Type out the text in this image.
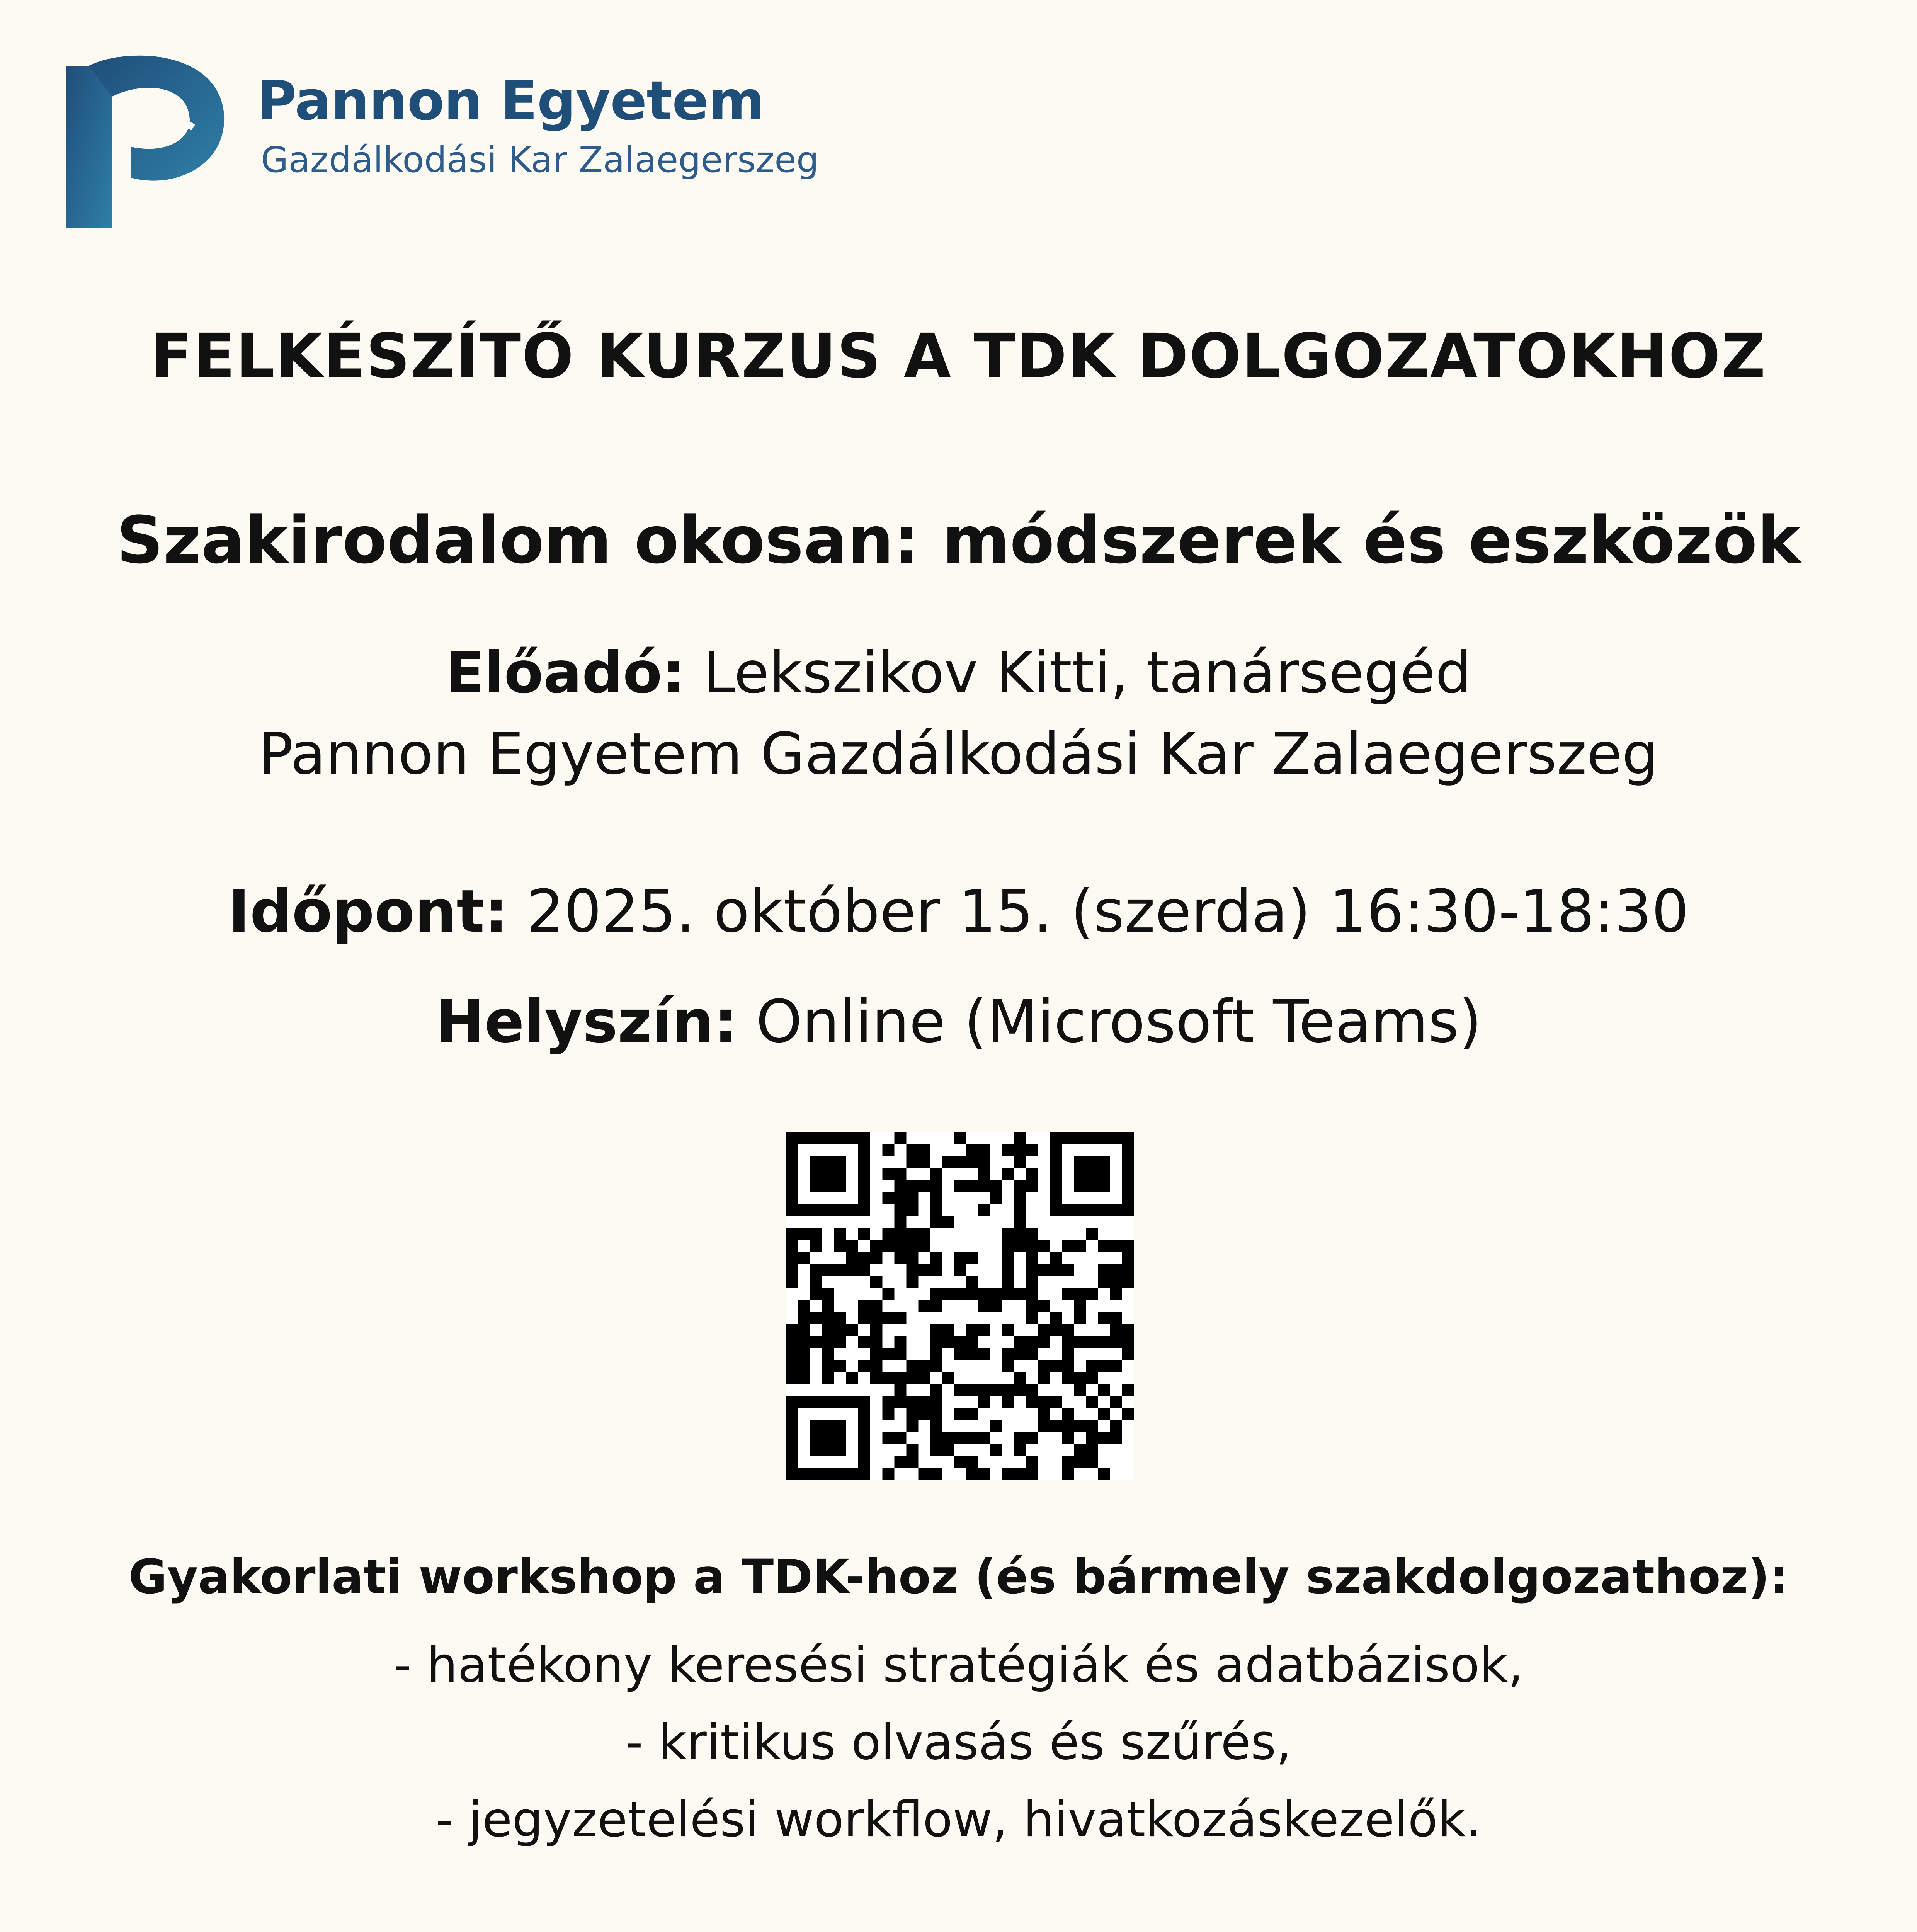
Pannon Egyetem
Gazdálkodási Kar Zalaegerszeg
FELKÉSZÍTŐ KURZUS A TDK DOLGOZATOKHOZ
Szakirodalom okosan: módszerek és eszközök
Előadó: Lekszikov Kitti, tanársegéd
Pannon Egyetem Gazdálkodási Kar Zalaegerszeg
Időpont: 2025. október 15. (szerda) 16:30-18:30
Helyszín: Online (Microsoft Teams)
Gyakorlati workshop a TDK-hoz (és bármely szakdolgozathoz):
- hatékony keresési stratégiák és adatbázisok,
- kritikus olvasás és szűrés,
- jegyzetelési workflow, hivatkozáskezelők.
